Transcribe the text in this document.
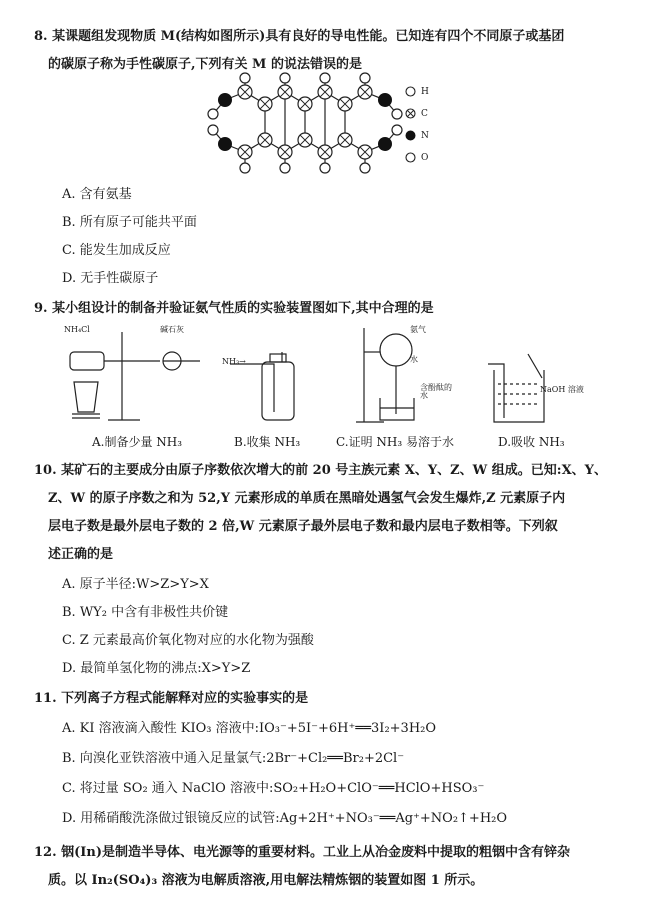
8. 某课题组发现物质 M(结构如图所示)具有良好的导电性能。已知连有四个不同原子或基团
的碳原子称为手性碳原子,下列有关 M 的说法错误的是
H
C
N
O
A. 含有氨基
B. 所有原子可能共平面
C. 能发生加成反应
D. 无手性碳原子
9. 某小组设计的制备并验证氨气性质的实验装置图如下,其中合理的是
NH₄Cl	碱石灰
NH₃→
氨气
水
含酚酞的水
NaOH 溶液
A.制备少量 NH₃	B.收集 NH₃	C.证明 NH₃ 易溶于水	D.吸收 NH₃
10. 某矿石的主要成分由原子序数依次增大的前 20 号主族元素 X、Y、Z、W 组成。已知:X、Y、
Z、W 的原子序数之和为 52,Y 元素形成的单质在黑暗处遇氢气会发生爆炸,Z 元素原子内
层电子数是最外层电子数的 2 倍,W 元素原子最外层电子数和最内层电子数相等。下列叙
述正确的是
A. 原子半径:W>Z>Y>X
B. WY₂ 中含有非极性共价键
C. Z 元素最高价氧化物对应的水化物为强酸
D. 最简单氢化物的沸点:X>Y>Z
11. 下列离子方程式能解释对应的实验事实的是
A. KI 溶液滴入酸性 KIO₃ 溶液中:IO₃⁻+5I⁻+6H⁺══3I₂+3H₂O
B. 向溴化亚铁溶液中通入足量氯气:2Br⁻+Cl₂══Br₂+2Cl⁻
C. 将过量 SO₂ 通入 NaClO 溶液中:SO₂+H₂O+ClO⁻══HClO+HSO₃⁻
D. 用稀硝酸洗涤做过银镜反应的试管:Ag+2H⁺+NO₃⁻══Ag⁺+NO₂↑+H₂O
12. 铟(In)是制造半导体、电光源等的重要材料。工业上从冶金废料中提取的粗铟中含有锌杂
质。以 In₂(SO₄)₃ 溶液为电解质溶液,用电解法精炼铟的装置如图 1 所示。
